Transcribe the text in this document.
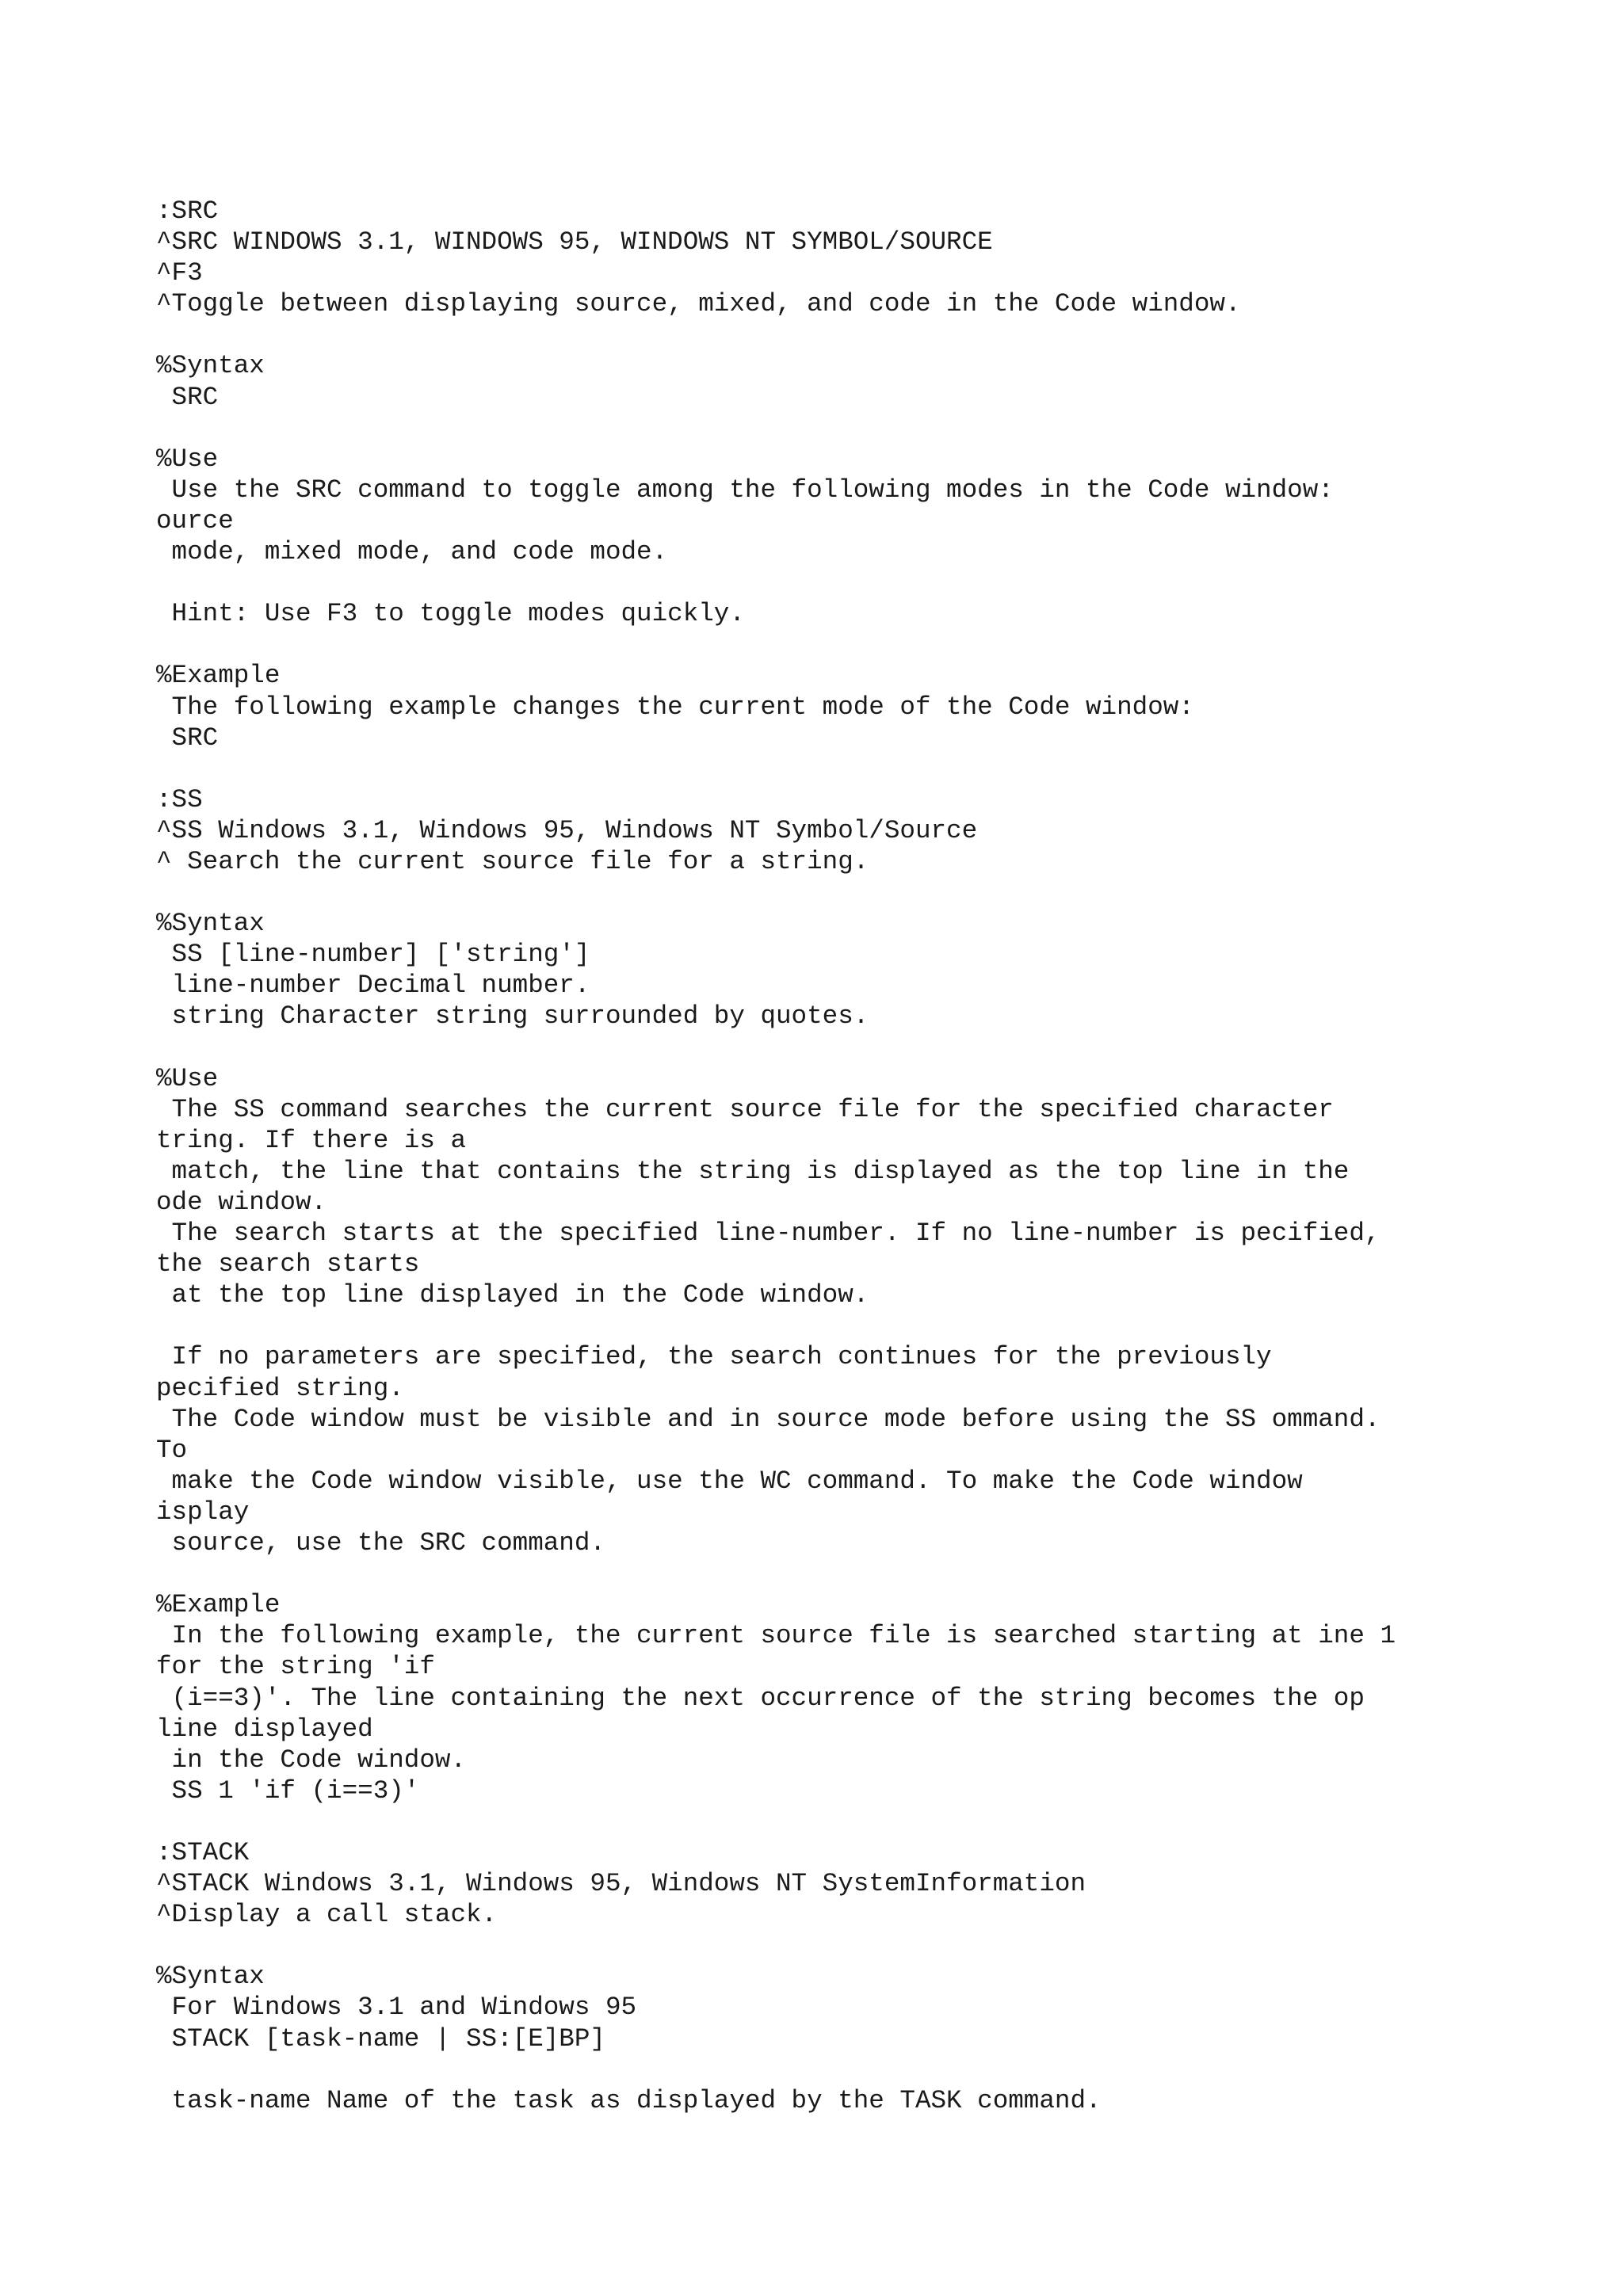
:SRC
^SRC WINDOWS 3.1, WINDOWS 95, WINDOWS NT SYMBOL/SOURCE
^F3
^Toggle between displaying source, mixed, and code in the Code window.

%Syntax
SRC

%Use
Use the SRC command to toggle among the following modes in the Code window:
ource
mode, mixed mode, and code mode.

Hint: Use F3 to toggle modes quickly.

%Example
The following example changes the current mode of the Code window:
SRC

:SS
^SS Windows 3.1, Windows 95, Windows NT Symbol/Source
^ Search the current source file for a string.

%Syntax
SS [line-number] ['string']
line-number Decimal number.
string Character string surrounded by quotes.

%Use
The SS command searches the current source file for the specified character
tring. If there is a
match, the line that contains the string is displayed as the top line in the
ode window.
The search starts at the specified line-number. If no line-number is pecified,
the search starts
at the top line displayed in the Code window.

If no parameters are specified, the search continues for the previously
pecified string.
The Code window must be visible and in source mode before using the SS ommand.
To
make the Code window visible, use the WC command. To make the Code window
isplay
source, use the SRC command.

%Example
In the following example, the current source file is searched starting at ine 1
for the string 'if
(i==3)'. The line containing the next occurrence of the string becomes the op
line displayed
in the Code window.
SS 1 'if (i==3)'

:STACK
^STACK Windows 3.1, Windows 95, Windows NT SystemInformation
^Display a call stack.

%Syntax
For Windows 3.1 and Windows 95
STACK [task-name | SS:[E]BP]

task-name Name of the task as displayed by the TASK command.
